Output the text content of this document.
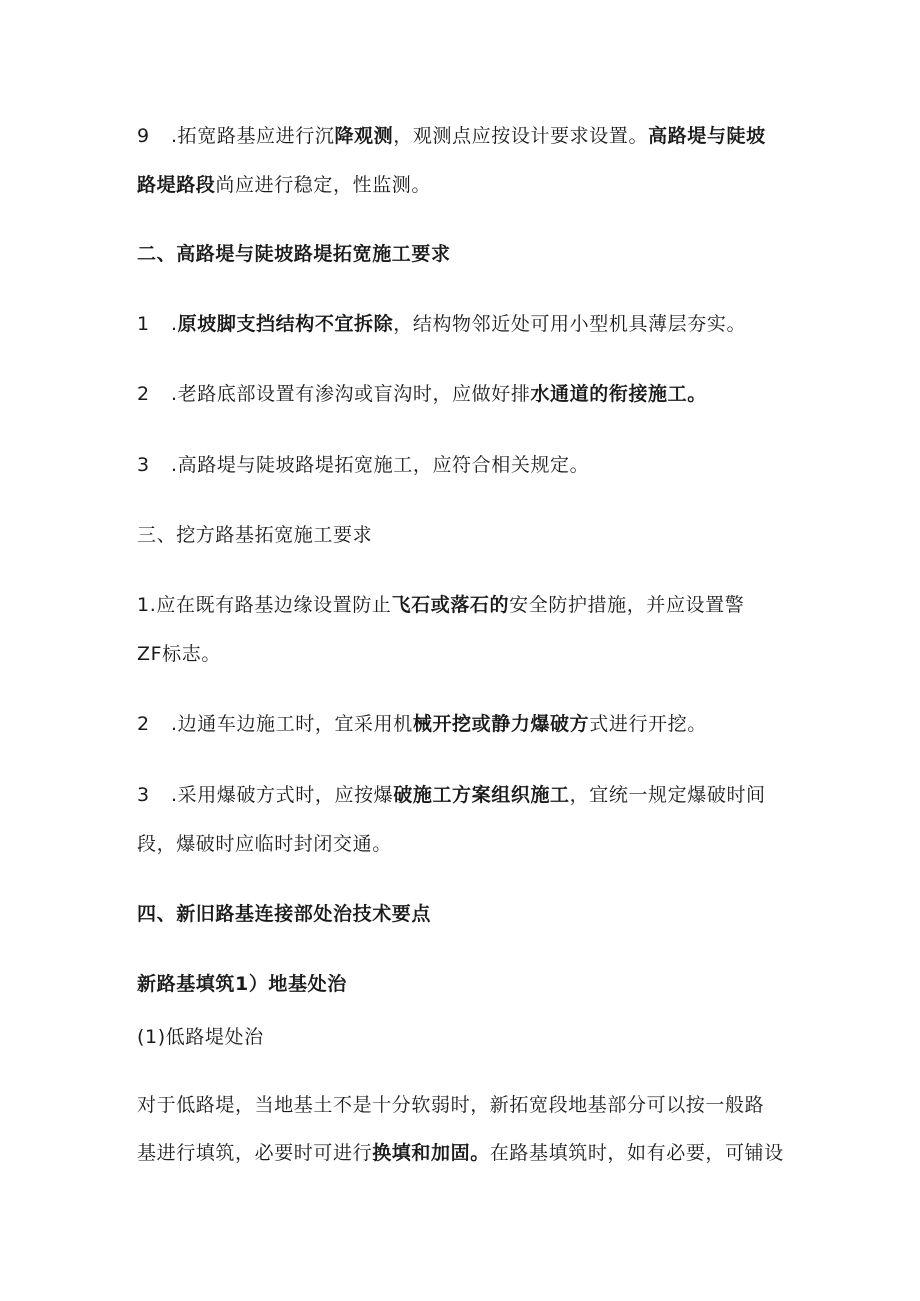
9 .拓宽路基应进行沉降观测，观测点应按设计要求设置。高路堤与陡坡
路堤路段尚应进行稳定，性监测。
二、高路堤与陡坡路堤拓宽施工要求
1 .原坡脚支挡结构不宜拆除，结构物邻近处可用小型机具薄层夯实。
2 .老路底部设置有渗沟或盲沟时，应做好排水通道的衔接施工。
3 .高路堤与陡坡路堤拓宽施工，应符合相关规定。
三、挖方路基拓宽施工要求
1.应在既有路基边缘设置防止飞石或落石的安全防护措施，并应设置警
ZF标志。
2 .边通车边施工时，宜采用机械开挖或静力爆破方式进行开挖。
3 .采用爆破方式时，应按爆破施工方案组织施工，宜统一规定爆破时间
段，爆破时应临时封闭交通。
四、新旧路基连接部处治技术要点
新路基填筑1）地基处治
(1)低路堤处治
对于低路堤，当地基土不是十分软弱时，新拓宽段地基部分可以按一般路
基进行填筑，必要时可进行换填和加固。在路基填筑时，如有必要，可铺设
